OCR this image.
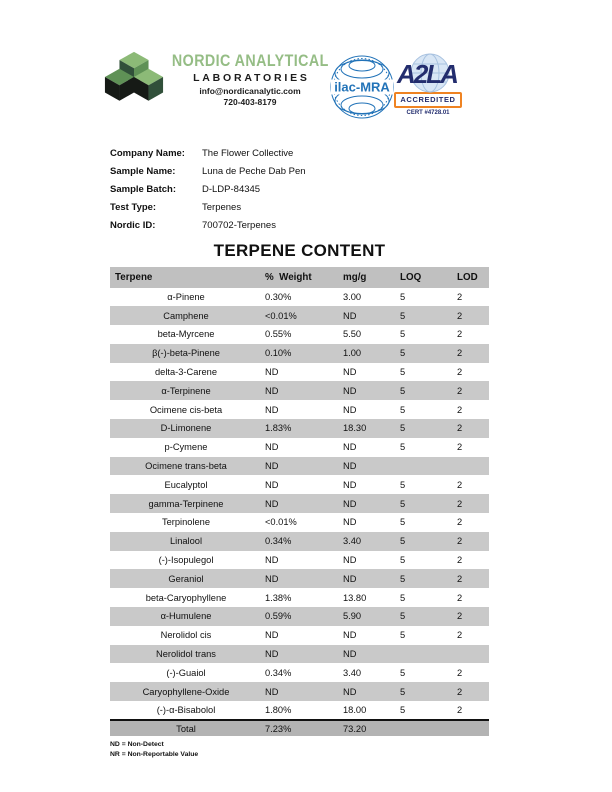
NORDIC ANALYTICAL
LABORATORIES
info@nordicanalytic.com
720-403-8179
ilac-MRA A2LA
ACCREDITED
CERT #4728.01
Company Name:	The Flower Collective
Sample Name:	Luna de Peche Dab Pen
Sample Batch:	D-LDP-84345
Test Type:	Terpenes
Nordic ID:	700702-Terpenes
TERPENE CONTENT
Terpene	%  Weight	mg/g	LOQ	LOD
α-Pinene	0.30%	3.00	5	2
Camphene	<0.01%	ND	5	2
beta-Myrcene	0.55%	5.50	5	2
β(-)-beta-Pinene	0.10%	1.00	5	2
delta-3-Carene	ND	ND	5	2
α-Terpinene	ND	ND	5	2
Ocimene cis-beta	ND	ND	5	2
D-Limonene	1.83%	18.30	5	2
p-Cymene	ND	ND	5	2
Ocimene trans-beta	ND	ND		
Eucalyptol	ND	ND	5	2
gamma-Terpinene	ND	ND	5	2
Terpinolene	<0.01%	ND	5	2
Linalool	0.34%	3.40	5	2
(-)-Isopulegol	ND	ND	5	2
Geraniol	ND	ND	5	2
beta-Caryophyllene	1.38%	13.80	5	2
α-Humulene	0.59%	5.90	5	2
Nerolidol cis	ND	ND	5	2
Nerolidol trans	ND	ND		
(-)-Guaiol	0.34%	3.40	5	2
Caryophyllene-Oxide	ND	ND	5	2
(-)-α-Bisabolol	1.80%	18.00	5	2
Total	7.23%	73.20		
ND = Non-Detect
NR = Non-Reportable Value
